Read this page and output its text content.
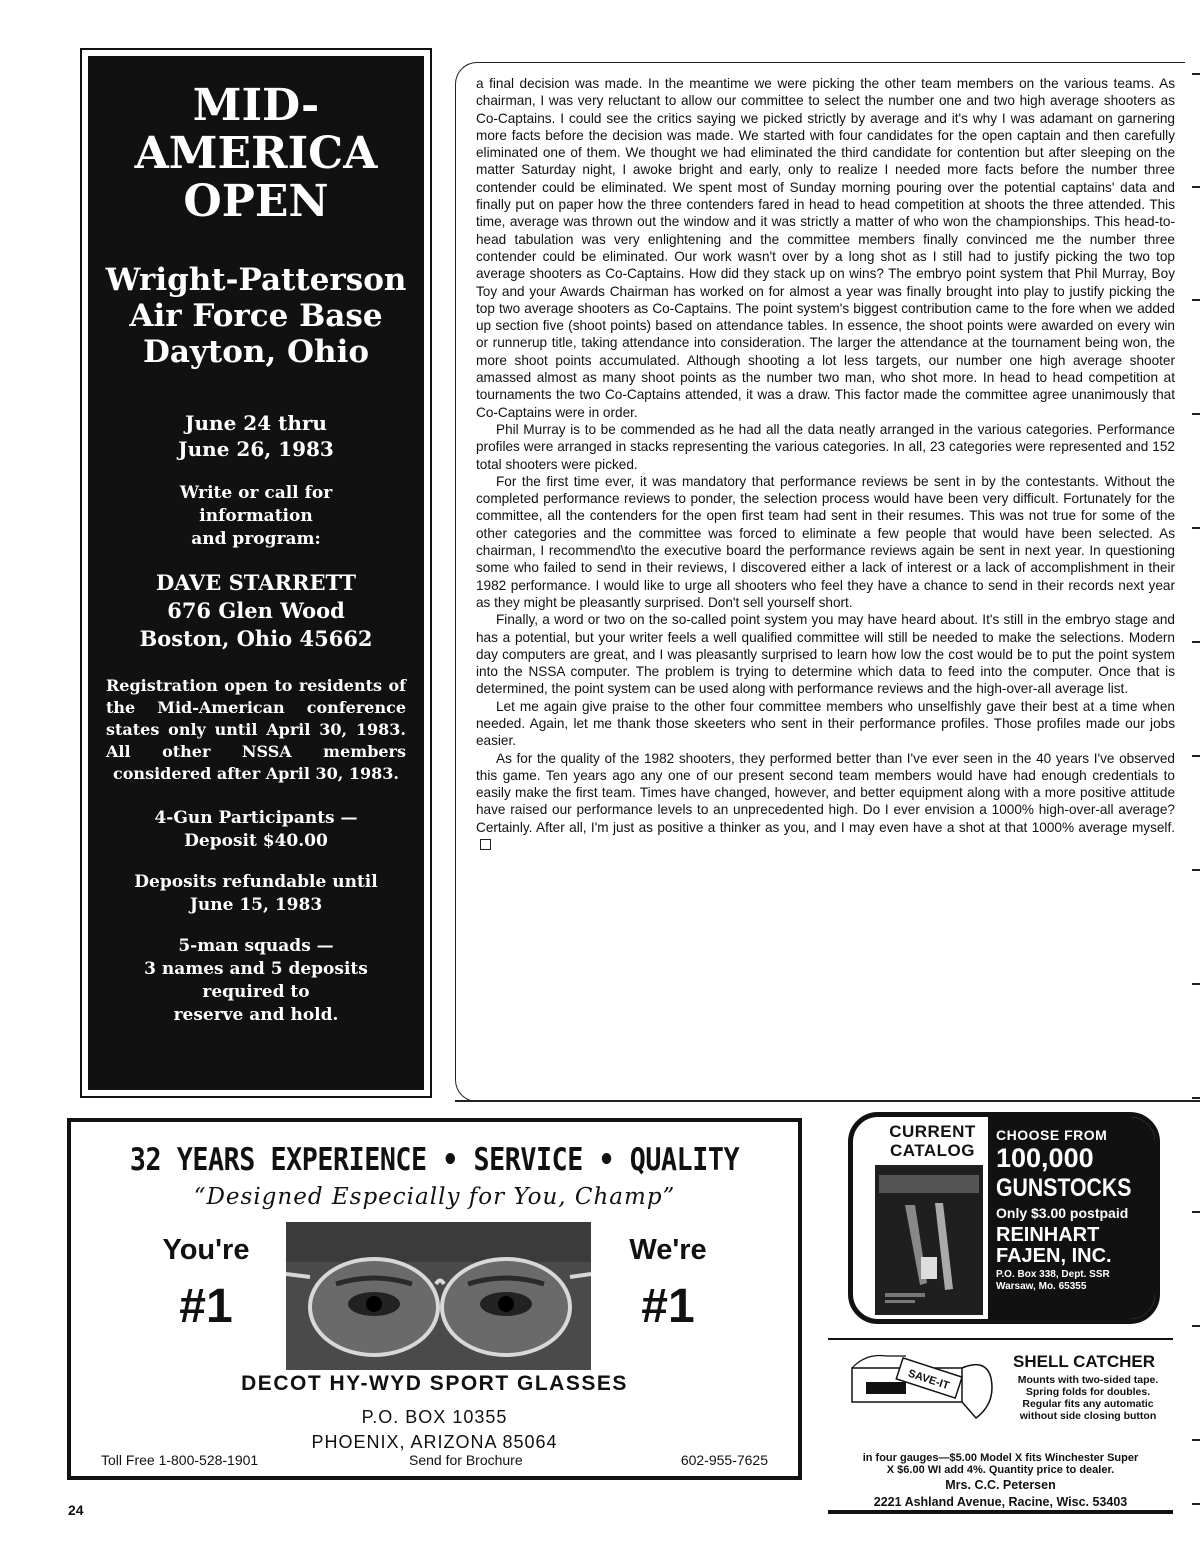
MID-
AMERICA
OPEN
Wright-Patterson
Air Force Base
Dayton, Ohio
June 24 thru
June 26, 1983
Write or call for
information
and program:
DAVE STARRETT
676 Glen Wood
Boston, Ohio 45662
Registration open to residents of the Mid-American conference states only until April 30, 1983. All other NSSA members considered after April 30, 1983.
4-Gun Participants —
Deposit $40.00
Deposits refundable until
June 15, 1983
5-man squads —
3 names and 5 deposits
required to
reserve and hold.

a final decision was made. In the meantime we were picking the other team members on the various teams. As chairman, I was very reluctant to allow our committee to select the number one and two high average shooters as Co-Captains. I could see the critics saying we picked strictly by average and it's why I was adamant on garnering more facts before the decision was made. We started with four candidates for the open captain and then carefully eliminated one of them. We thought we had eliminated the third candidate for contention but after sleeping on the matter Saturday night, I awoke bright and early, only to realize I needed more facts before the number three contender could be eliminated. We spent most of Sunday morning pouring over the potential captains' data and finally put on paper how the three contenders fared in head to head competition at shoots the three attended. This time, average was thrown out the window and it was strictly a matter of who won the championships. This head-to-head tabulation was very enlightening and the committee members finally convinced me the number three contender could be eliminated. Our work wasn't over by a long shot as I still had to justify picking the two top average shooters as Co-Captains. How did they stack up on wins? The embryo point system that Phil Murray, Boy Toy and your Awards Chairman has worked on for almost a year was finally brought into play to justify picking the top two average shooters as Co-Captains. The point system's biggest contribution came to the fore when we added up section five (shoot points) based on attendance tables. In essence, the shoot points were awarded on every win or runnerup title, taking attendance into consideration. The larger the attendance at the tournament being won, the more shoot points accumulated. Although shooting a lot less targets, our number one high average shooter amassed almost as many shoot points as the number two man, who shot more. In head to head competition at tournaments the two Co-Captains attended, it was a draw. This factor made the committee agree unanimously that Co-Captains were in order.

Phil Murray is to be commended as he had all the data neatly arranged in the various categories. Performance profiles were arranged in stacks representing the various categories. In all, 23 categories were represented and 152 total shooters were picked.

For the first time ever, it was mandatory that performance reviews be sent in by the contestants. Without the completed performance reviews to ponder, the selection process would have been very difficult. Fortunately for the committee, all the contenders for the open first team had sent in their resumes. This was not true for some of the other categories and the committee was forced to eliminate a few people that would have been selected. As chairman, I recommend\to the executive board the performance reviews again be sent in next year. In questioning some who failed to send in their reviews, I discovered either a lack of interest or a lack of accomplishment in their 1982 performance. I would like to urge all shooters who feel they have a chance to send in their records next year as they might be pleasantly surprised. Don't sell yourself short.

Finally, a word or two on the so-called point system you may have heard about. It's still in the embryo stage and has a potential, but your writer feels a well qualified committee will still be needed to make the selections. Modern day computers are great, and I was pleasantly surprised to learn how low the cost would be to put the point system into the NSSA computer. The problem is trying to determine which data to feed into the computer. Once that is determined, the point system can be used along with performance reviews and the high-over-all average list.

Let me again give praise to the other four committee members who unselfishly gave their best at a time when needed. Again, let me thank those skeeters who sent in their performance profiles. Those profiles made our jobs easier.

As for the quality of the 1982 shooters, they performed better than I've ever seen in the 40 years I've observed this game. Ten years ago any one of our present second team members would have had enough credentials to easily make the first team. Times have changed, however, and better equipment along with a more positive attitude have raised our performance levels to an unprecedented high. Do I ever envision a 1000% high-over-all average? Certainly. After all, I'm just as positive a thinker as you, and I may even have a shot at that 1000% average myself.

32 YEARS EXPERIENCE • SERVICE • QUALITY
“Designed Especially for You, Champ”
You're
#1
We're
#1
DECOT HY-WYD SPORT GLASSES
P.O. BOX 10355
PHOENIX, ARIZONA 85064
Toll Free 1-800-528-1901	Send for Brochure	602-955-7625
CURRENT
CATALOG
CHOOSE FROM
100,000
GUNSTOCKS
Only $3.00 postpaid
REINHART
FAJEN, INC.
P.O. Box 338, Dept. SSR
Warsaw, Mo. 65355
SAVE-IT
SHELL CATCHER
Mounts with two-sided tape. Spring folds for doubles. Regular fits any automatic without side closing button
in four gauges—$5.00 Model X fits Winchester Super
X $6.00 WI add 4%. Quantity price to dealer.
Mrs. C.C. Petersen
2221 Ashland Avenue, Racine, Wisc. 53403
24
